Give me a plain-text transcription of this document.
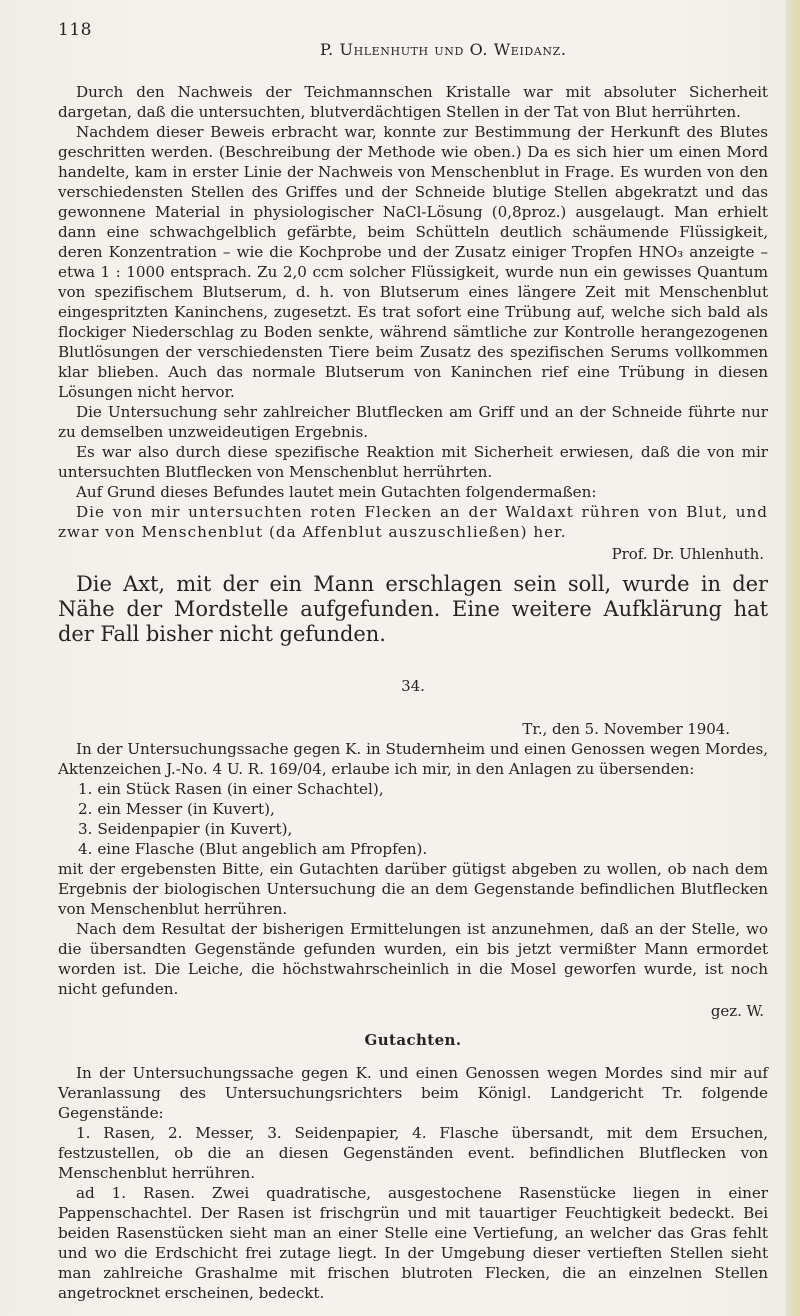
118
P. Uhlenhuth und O. Weidanz.

Durch den Nachweis der Teichmannschen Kristalle war mit absoluter Sicherheit dargetan, daß die untersuchten, blutverdächtigen Stellen in der Tat von Blut herrührten.

Nachdem dieser Beweis erbracht war, konnte zur Bestimmung der Herkunft des Blutes geschritten werden. (Beschreibung der Methode wie oben.) Da es sich hier um einen Mord handelte, kam in erster Linie der Nachweis von Menschenblut in Frage. Es wurden von den verschiedensten Stellen des Griffes und der Schneide blutige Stellen abgekratzt und das gewonnene Material in physiologischer NaCl-Lösung (0,8proz.) ausgelaugt. Man erhielt dann eine schwachgelblich gefärbte, beim Schütteln deutlich schäumende Flüssigkeit, deren Konzentration – wie die Kochprobe und der Zusatz einiger Tropfen HNO₃ anzeigte – etwa 1 : 1000 entsprach. Zu 2,0 ccm solcher Flüssigkeit, wurde nun ein gewisses Quantum von spezifischem Blutserum, d. h. von Blutserum eines längere Zeit mit Menschenblut eingespritzten Kaninchens, zugesetzt. Es trat sofort eine Trübung auf, welche sich bald als flockiger Niederschlag zu Boden senkte, während sämtliche zur Kontrolle herangezogenen Blutlösungen der verschiedensten Tiere beim Zusatz des spezifischen Serums vollkommen klar blieben. Auch das normale Blutserum von Kaninchen rief eine Trübung in diesen Lösungen nicht hervor.

Die Untersuchung sehr zahlreicher Blutflecken am Griff und an der Schneide führte nur zu demselben unzweideutigen Ergebnis.

Es war also durch diese spezifische Reaktion mit Sicherheit erwiesen, daß die von mir untersuchten Blutflecken von Menschenblut herrührten.

Auf Grund dieses Befundes lautet mein Gutachten folgendermaßen:

Die von mir untersuchten roten Flecken an der Waldaxt rühren von Blut, und zwar von Menschenblut (da Affenblut auszuschließen) her.

Prof. Dr. Uhlenhuth.

Die Axt, mit der ein Mann erschlagen sein soll, wurde in der Nähe der Mordstelle aufgefunden. Eine weitere Aufklärung hat der Fall bisher nicht gefunden.

34.

Tr., den 5. November 1904.

In der Untersuchungssache gegen K. in Studernheim und einen Genossen wegen Mordes, Aktenzeichen J.-No. 4 U. R. 169/04, erlaube ich mir, in den Anlagen zu übersenden:

1. ein Stück Rasen (in einer Schachtel),

2. ein Messer (in Kuvert),

3. Seidenpapier (in Kuvert),

4. eine Flasche (Blut angeblich am Pfropfen).

mit der ergebensten Bitte, ein Gutachten darüber gütigst abgeben zu wollen, ob nach dem Ergebnis der biologischen Untersuchung die an dem Gegenstande befindlichen Blutflecken von Menschenblut herrühren.

Nach dem Resultat der bisherigen Ermittelungen ist anzunehmen, daß an der Stelle, wo die übersandten Gegenstände gefunden wurden, ein bis jetzt vermißter Mann ermordet worden ist. Die Leiche, die höchstwahrscheinlich in die Mosel geworfen wurde, ist noch nicht gefunden.

gez. W.

Gutachten.

In der Untersuchungssache gegen K. und einen Genossen wegen Mordes sind mir auf Veranlassung des Untersuchungsrichters beim Königl. Landgericht Tr. folgende Gegenstände:

1. Rasen, 2. Messer, 3. Seidenpapier, 4. Flasche übersandt, mit dem Ersuchen, festzustellen, ob die an diesen Gegenständen event. befindlichen Blutflecken von Menschenblut herrühren.

ad 1. Rasen. Zwei quadratische, ausgestochene Rasenstücke liegen in einer Pappenschachtel. Der Rasen ist frischgrün und mit tauartiger Feuchtigkeit bedeckt. Bei beiden Rasenstücken sieht man an einer Stelle eine Vertiefung, an welcher das Gras fehlt und wo die Erdschicht frei zutage liegt. In der Umgebung dieser vertieften Stellen sieht man zahlreiche Grashalme mit frischen blutroten Flecken, die an einzelnen Stellen angetrocknet erscheinen, bedeckt.
